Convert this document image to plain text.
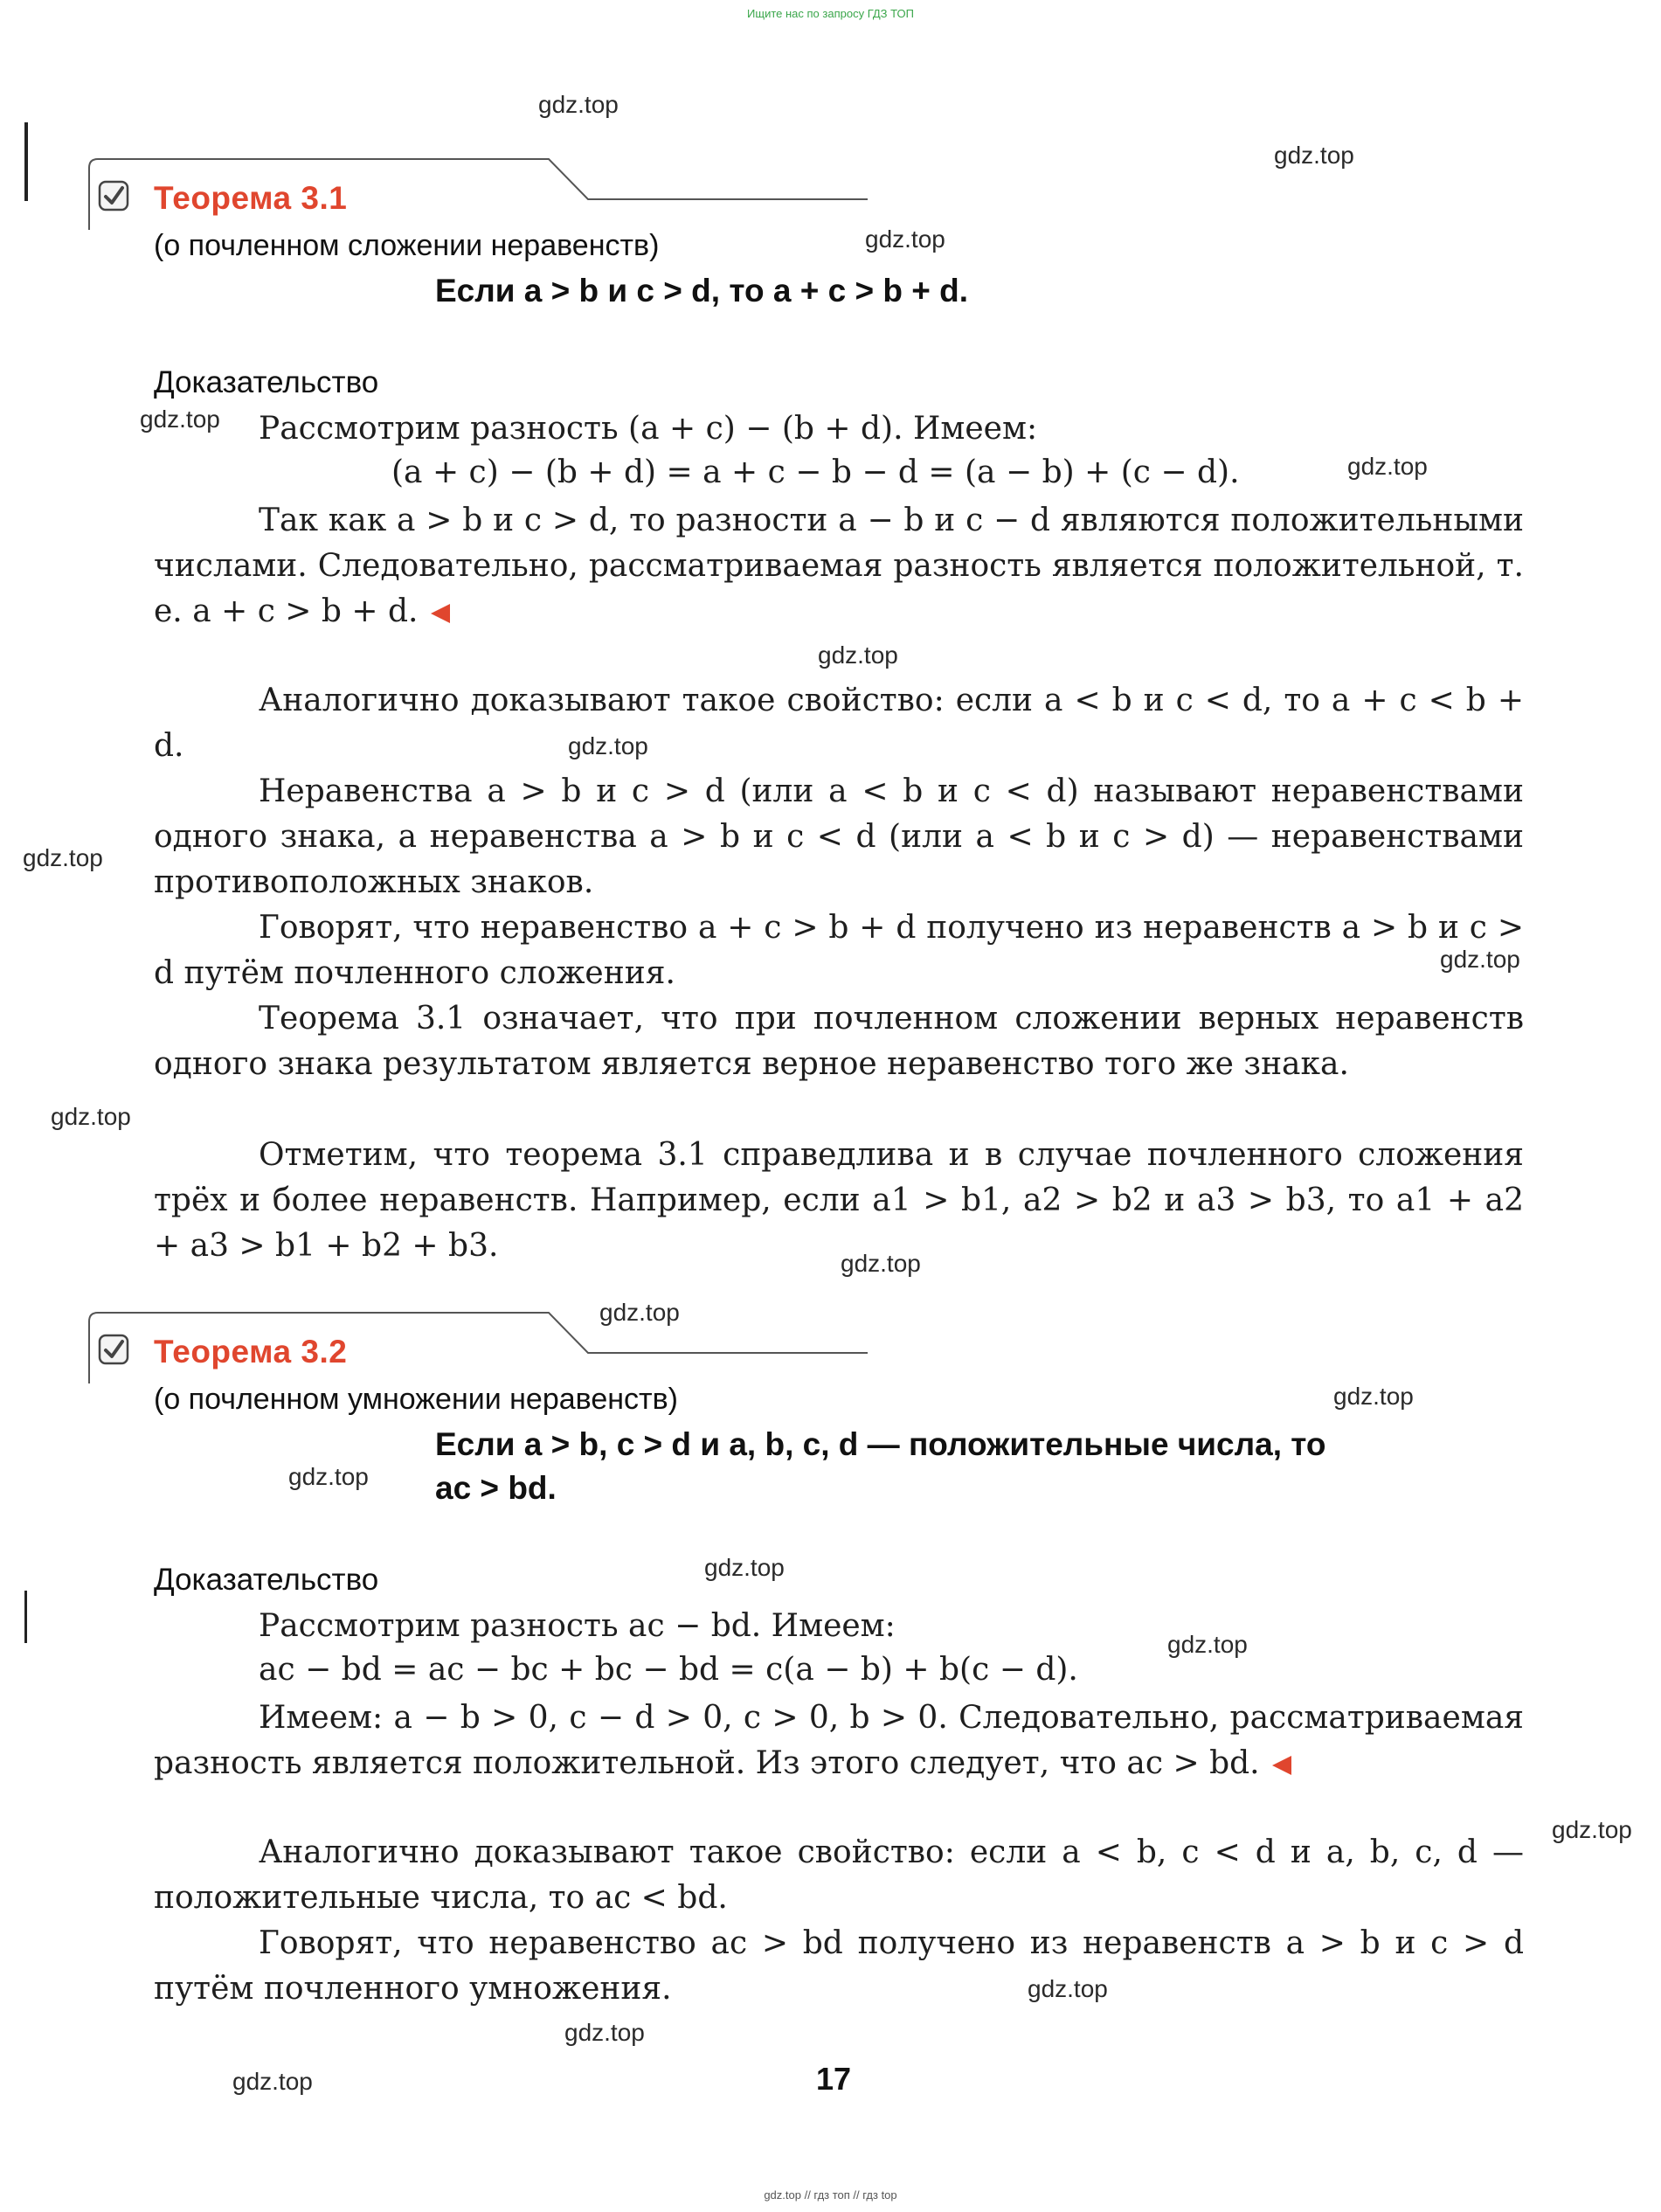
Ищите нас по запросу ГДЗ ТОП
gdz.top // гдз топ // гдз top
Теорема 3.1
(о почленном сложении неравенств)
Если a > b и c > d, то a + c > b + d.
Доказательство
Рассмотрим разность (a + c) − (b + d). Имеем:
(a + c) − (b + d) = a + c − b − d = (a − b) + (c − d).
Так как a > b и c > d, то разности a − b и c − d являются положительными числами. Следовательно, рассматриваемая разность является положительной, т. е. a + c > b + d.
Аналогично доказывают такое свойство: если a < b и c < d, то a + c < b + d.
Неравенства a > b и c > d (или a < b и c < d) называют неравенствами одного знака, а неравенства a > b и c < d (или a < b и c > d) — неравенствами противоположных знаков.
Говорят, что неравенство a + c > b + d получено из неравенств a > b и c > d путём почленного сложения.
Теорема 3.1 означает, что при почленном сложении верных неравенств одного знака результатом является верное неравенство того же знака.
Отметим, что теорема 3.1 справедлива и в случае почленного сложения трёх и более неравенств. Например, если a1 > b1, a2 > b2 и a3 > b3, то a1 + a2 + a3 > b1 + b2 + b3.
Теорема 3.2
(о почленном умножении неравенств)
Если a > b, c > d и a, b, c, d — положительные числа, то
ac > bd.
Доказательство
Рассмотрим разность ac − bd. Имеем:
ac − bd = ac − bc + bc − bd = c(a − b) + b(c − d).
Имеем: a − b > 0, c − d > 0, c > 0, b > 0. Следовательно, рассматриваемая разность является положительной. Из этого следует, что ac > bd.
Аналогично доказывают такое свойство: если a < b, c < d и a, b, c, d — положительные числа, то ac < bd.
Говорят, что неравенство ac > bd получено из неравенств a > b и c > d путём почленного умножения.
17
gdz.top
gdz.top
gdz.top
gdz.top
gdz.top
gdz.top
gdz.top
gdz.top
gdz.top
gdz.top
gdz.top
gdz.top
gdz.top
gdz.top
gdz.top
gdz.top
gdz.top
gdz.top
gdz.top
gdz.top
